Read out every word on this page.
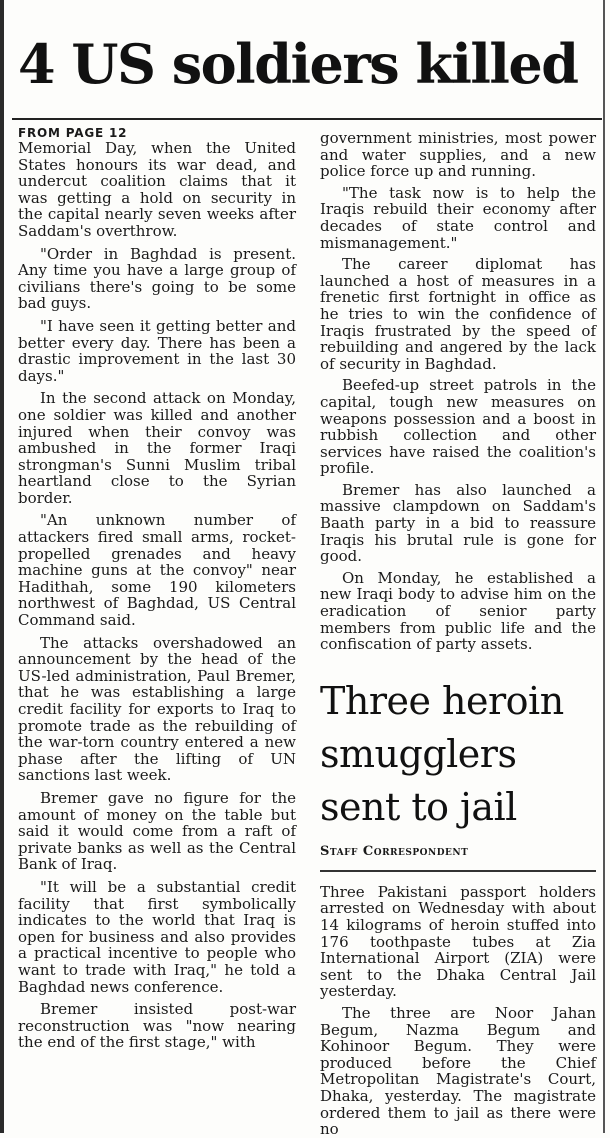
4 US soldiers killed
FROM PAGE 12

Memorial Day, when the United States honours its war dead, and undercut coalition claims that it was getting a hold on security in the capital nearly seven weeks after Saddam's overthrow.

"Order in Baghdad is present. Any time you have a large group of civilians there's going to be some bad guys.

"I have seen it getting better and better every day. There has been a drastic improvement in the last 30 days."

In the second attack on Monday, one soldier was killed and another injured when their convoy was ambushed in the former Iraqi strongman's Sunni Muslim tribal heartland close to the Syrian border.

"An unknown number of attackers fired small arms, rocket-propelled grenades and heavy machine guns at the convoy" near Hadithah, some 190 kilometers northwest of Baghdad, US Central Command said.

The attacks overshadowed an announcement by the head of the US-led administration, Paul Bremer, that he was establishing a large credit facility for exports to Iraq to promote trade as the rebuilding of the war-torn country entered a new phase after the lifting of UN sanctions last week.

Bremer gave no figure for the amount of money on the table but said it would come from a raft of private banks as well as the Central Bank of Iraq.

"It will be a substantial credit facility that first symbolically indicates to the world that Iraq is open for business and also provides a practical incentive to people who want to trade with Iraq," he told a Baghdad news conference.

Bremer insisted post-war reconstruction was "now nearing the end of the first stage," with

government ministries, most power and water supplies, and a new police force up and running.

"The task now is to help the Iraqis rebuild their economy after decades of state control and mismanagement."

The career diplomat has launched a host of measures in a frenetic first fortnight in office as he tries to win the confidence of Iraqis frustrated by the speed of rebuilding and angered by the lack of security in Baghdad.

Beefed-up street patrols in the capital, tough new measures on weapons possession and a boost in rubbish collection and other services have raised the coalition's profile.

Bremer has also launched a massive clampdown on Saddam's Baath party in a bid to reassure Iraqis his brutal rule is gone for good.

On Monday, he established a new Iraqi body to advise him on the eradication of senior party members from public life and the confiscation of party assets.

Three heroin
smugglers
sent to jail
Staff Correspondent

Three Pakistani passport holders arrested on Wednesday with about 14 kilograms of heroin stuffed into 176 toothpaste tubes at Zia International Airport (ZIA) were sent to the Dhaka Central Jail yesterday.

The three are Noor Jahan Begum, Nazma Begum and Kohinoor Begum. They were produced before the Chief Metropolitan Magistrate's Court, Dhaka, yesterday. The magistrate ordered them to jail as there were no
